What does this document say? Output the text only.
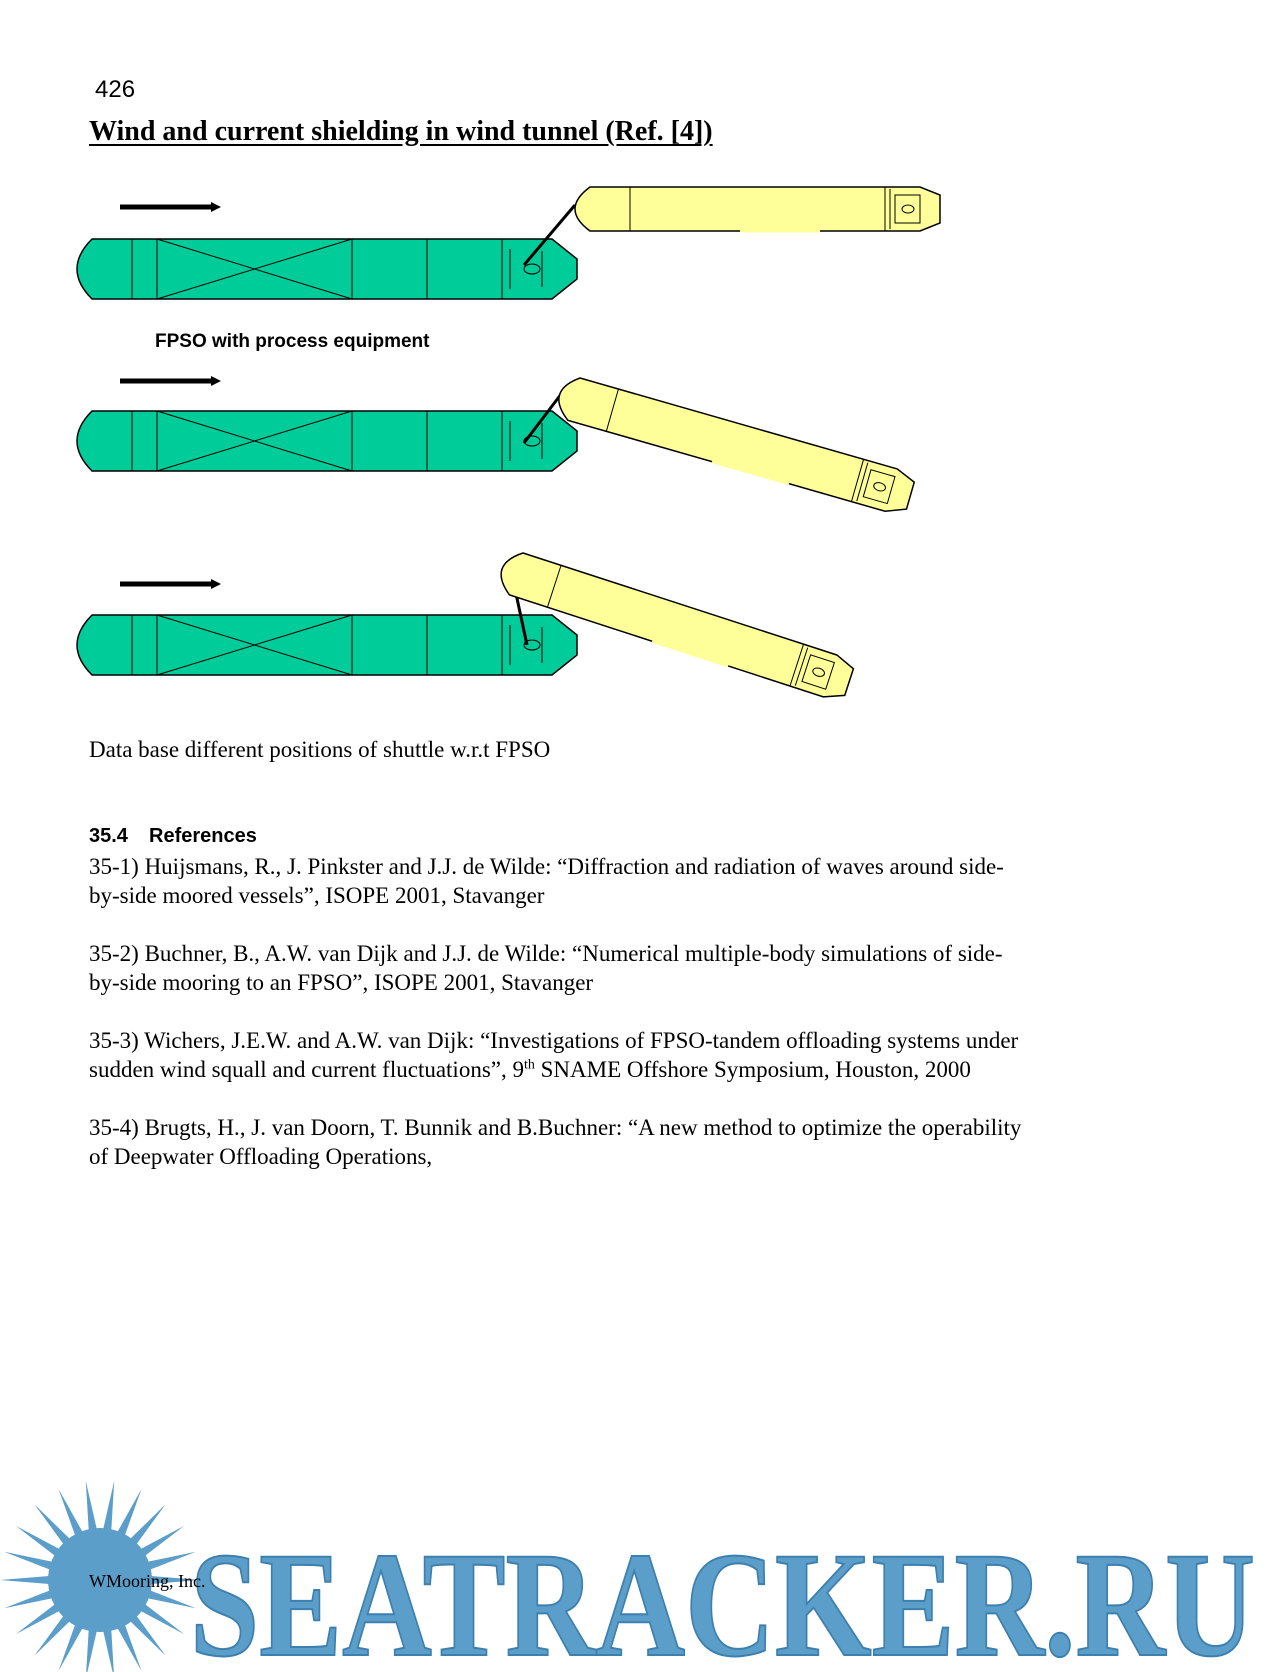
426
Wind and current shielding in wind tunnel (Ref. [4])
FPSO with process equipment
Data base different positions of shuttle w.r.t FPSO
35.4 References

35-1) Huijsmans, R., J. Pinkster and J.J. de Wilde: “Diffraction and radiation of waves around side-
by-side moored vessels”, ISOPE 2001, Stavanger

35-2) Buchner, B., A.W. van Dijk and J.J. de Wilde: “Numerical multiple-body simulations of side-
by-side mooring to an FPSO”, ISOPE 2001, Stavanger

35-3) Wichers, J.E.W. and A.W. van Dijk: “Investigations of FPSO-tandem offloading systems under
sudden wind squall and current fluctuations”, 9th SNAME Offshore Symposium, Houston, 2000

35-4) Brugts, H., J. van Doorn, T. Bunnik and B.Buchner: “A new method to optimize the operability
of Deepwater Offloading Operations,

SEATRACKER.RU
WMooring, Inc.
